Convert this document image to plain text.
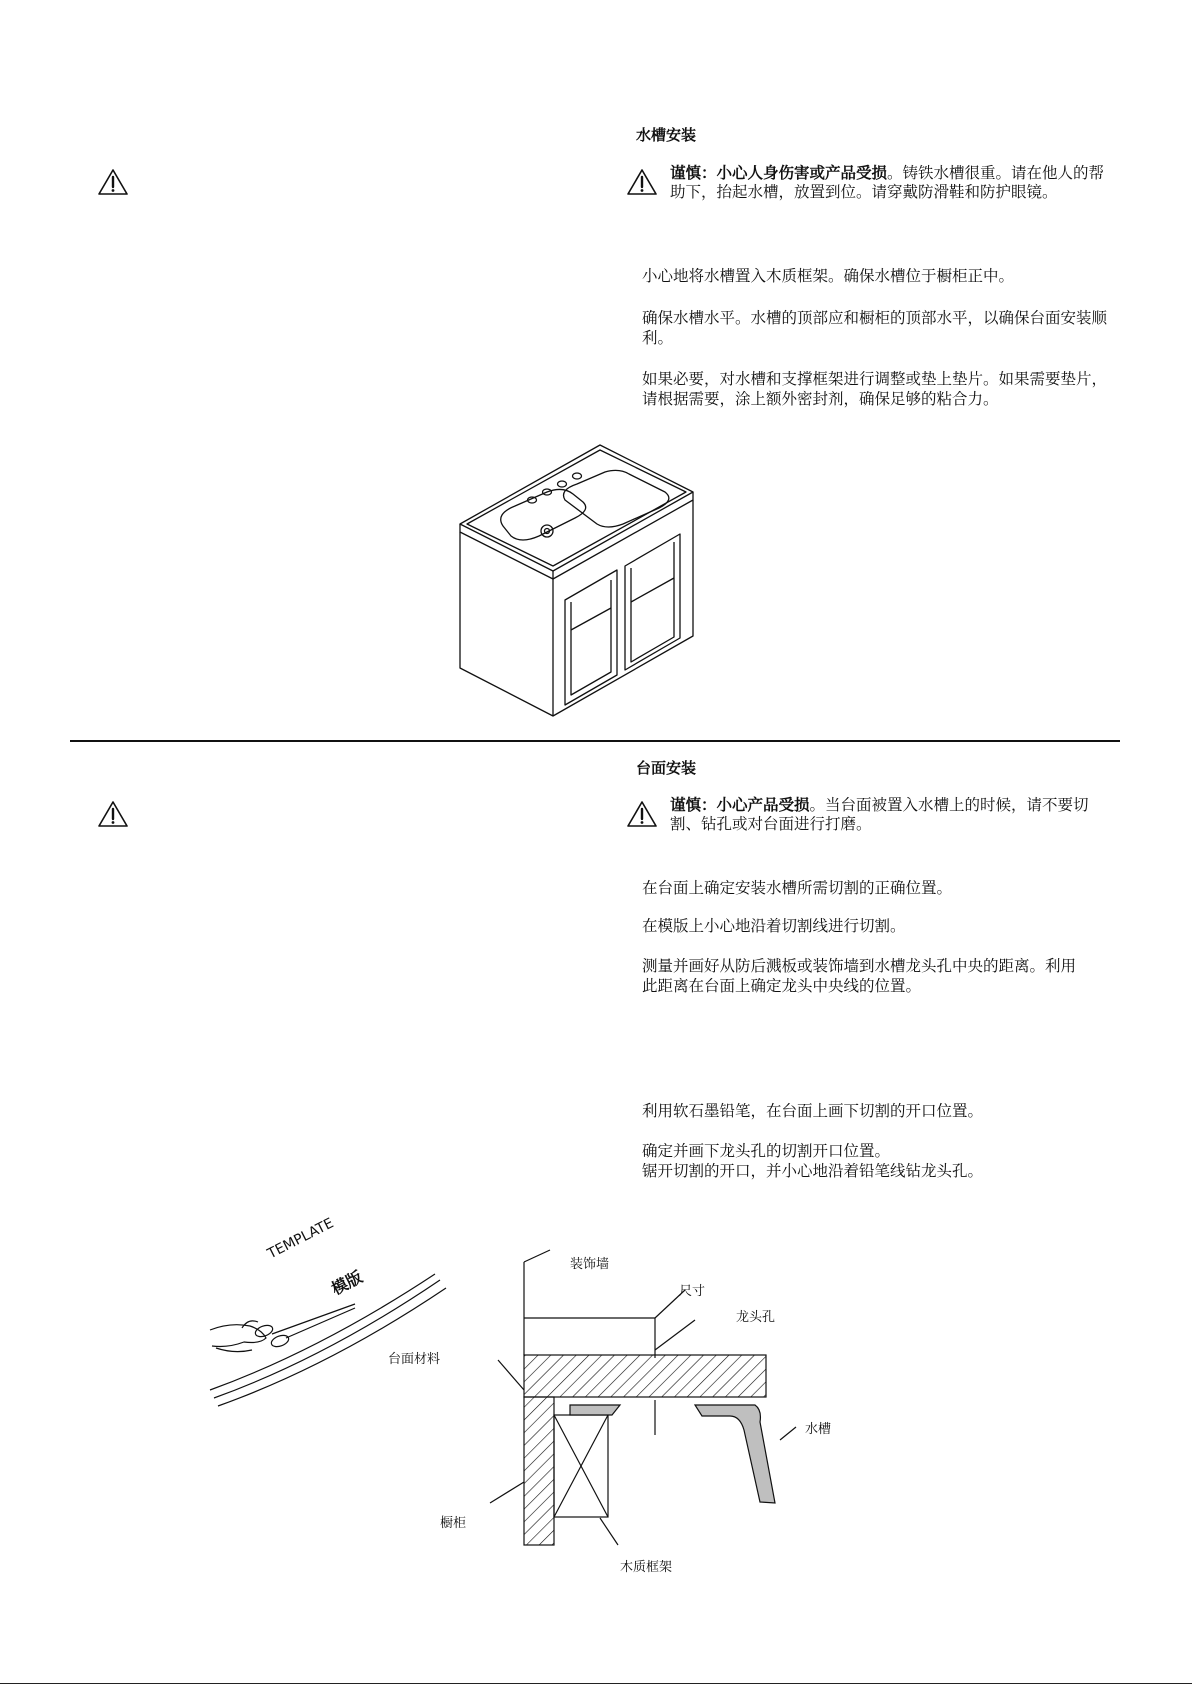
水槽安装
谨慎：小心人身伤害或产品受损。铸铁水槽很重。请在他人的帮助下，抬起水槽，放置到位。请穿戴防滑鞋和防护眼镜。
小心地将水槽置入木质框架。确保水槽位于橱柜正中。
确保水槽水平。水槽的顶部应和橱柜的顶部水平，以确保台面安装顺利。
如果必要，对水槽和支撑框架进行调整或垫上垫片。如果需要垫片，请根据需要，涂上额外密封剂，确保足够的粘合力。
台面安装
谨慎：小心产品受损。当台面被置入水槽上的时候，请不要切割、钻孔或对台面进行打磨。
在台面上确定安装水槽所需切割的正确位置。
在模版上小心地沿着切割线进行切割。
测量并画好从防后溅板或装饰墙到水槽龙头孔中央的距离。利用此距离在台面上确定龙头中央线的位置。
利用软石墨铅笔，在台面上画下切割的开口位置。
确定并画下龙头孔的切割开口位置。
锯开切割的开口，并小心地沿着铅笔线钻龙头孔。
TEMPLATE
模版
台面材料
装饰墙
尺寸
龙头孔
水槽
橱柜
木质框架
